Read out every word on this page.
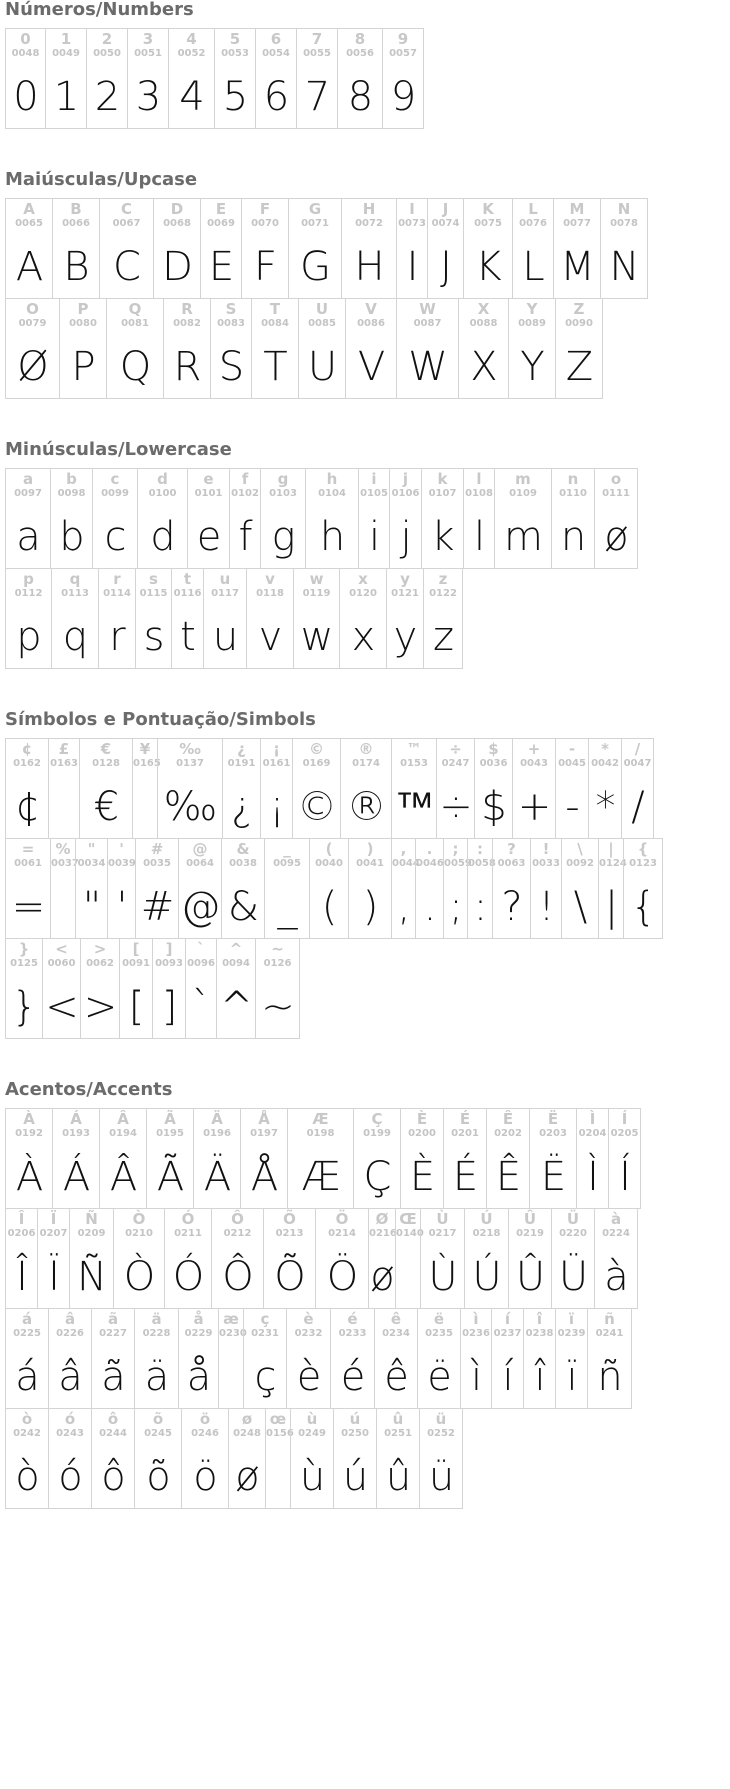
Números/Numbers
0
0048
0
1
0049
1
2
0050
2
3
0051
3
4
0052
4
5
0053
5
6
0054
6
7
0055
7
8
0056
8
9
0057
9
Maiúsculas/Upcase
A
0065
A
B
0066
B
C
0067
C
D
0068
D
E
0069
E
F
0070
F
G
0071
G
H
0072
H
I
0073
I
J
0074
J
K
0075
K
L
0076
L
M
0077
M
N
0078
N
O
0079
Ø
P
0080
P
Q
0081
Q
R
0082
R
S
0083
S
T
0084
T
U
0085
U
V
0086
V
W
0087
W
X
0088
X
Y
0089
Y
Z
0090
Z
Minúsculas/Lowercase
a
0097
a
b
0098
b
c
0099
c
d
0100
d
e
0101
e
f
0102
f
g
0103
g
h
0104
h
i
0105
i
j
0106
j
k
0107
k
l
0108
l
m
0109
m
n
0110
n
o
0111
ø
p
0112
p
q
0113
q
r
0114
r
s
0115
s
t
0116
t
u
0117
u
v
0118
v
w
0119
w
x
0120
x
y
0121
y
z
0122
z
Símbolos e Pontuação/Simbols
¢
0162
¢
£
0163
€
0128
€
¥
0165
‰
0137
‰
¿
0191
¿
¡
0161
¡
©
0169
©
®
0174
®
™
0153
™
÷
0247
÷
$
0036
$
+
0043
+
-
0045
-
*
0042
*
/
0047
/
=
0061
=
%
0037
"
0034
"
'
0039
'
#
0035
#
@
0064
@
&
0038
&
_
0095
_
(
0040
(
)
0041
)
,
0044
,
.
0046
.
;
0059
;
:
0058
:
?
0063
?
!
0033
!
\
0092
\
|
0124
|
{
0123
{
}
0125
}
<
0060
<
>
0062
>
[
0091
[
]
0093
]
`
0096
`
^
0094
^
~
0126
~
Acentos/Accents
À
0192
À
Á
0193
Á
Â
0194
Â
Ã
0195
Ã
Ä
0196
Ä
Å
0197
Å
Æ
0198
Æ
Ç
0199
Ç
È
0200
È
É
0201
É
Ê
0202
Ê
Ë
0203
Ë
Ì
0204
Ì
Í
0205
Í
Î
0206
Î
Ï
0207
Ï
Ñ
0209
Ñ
Ò
0210
Ò
Ó
0211
Ó
Ô
0212
Ô
Õ
0213
Õ
Ö
0214
Ö
Ø
0216
ø
Œ
0140
Ù
0217
Ù
Ú
0218
Ú
Û
0219
Û
Ü
0220
Ü
à
0224
à
á
0225
á
â
0226
â
ã
0227
ã
ä
0228
ä
å
0229
å
æ
0230
ç
0231
ç
è
0232
è
é
0233
é
ê
0234
ê
ë
0235
ë
ì
0236
ì
í
0237
í
î
0238
î
ï
0239
ï
ñ
0241
ñ
ò
0242
ò
ó
0243
ó
ô
0244
ô
õ
0245
õ
ö
0246
ö
ø
0248
ø
œ
0156
ù
0249
ù
ú
0250
ú
û
0251
û
ü
0252
ü
